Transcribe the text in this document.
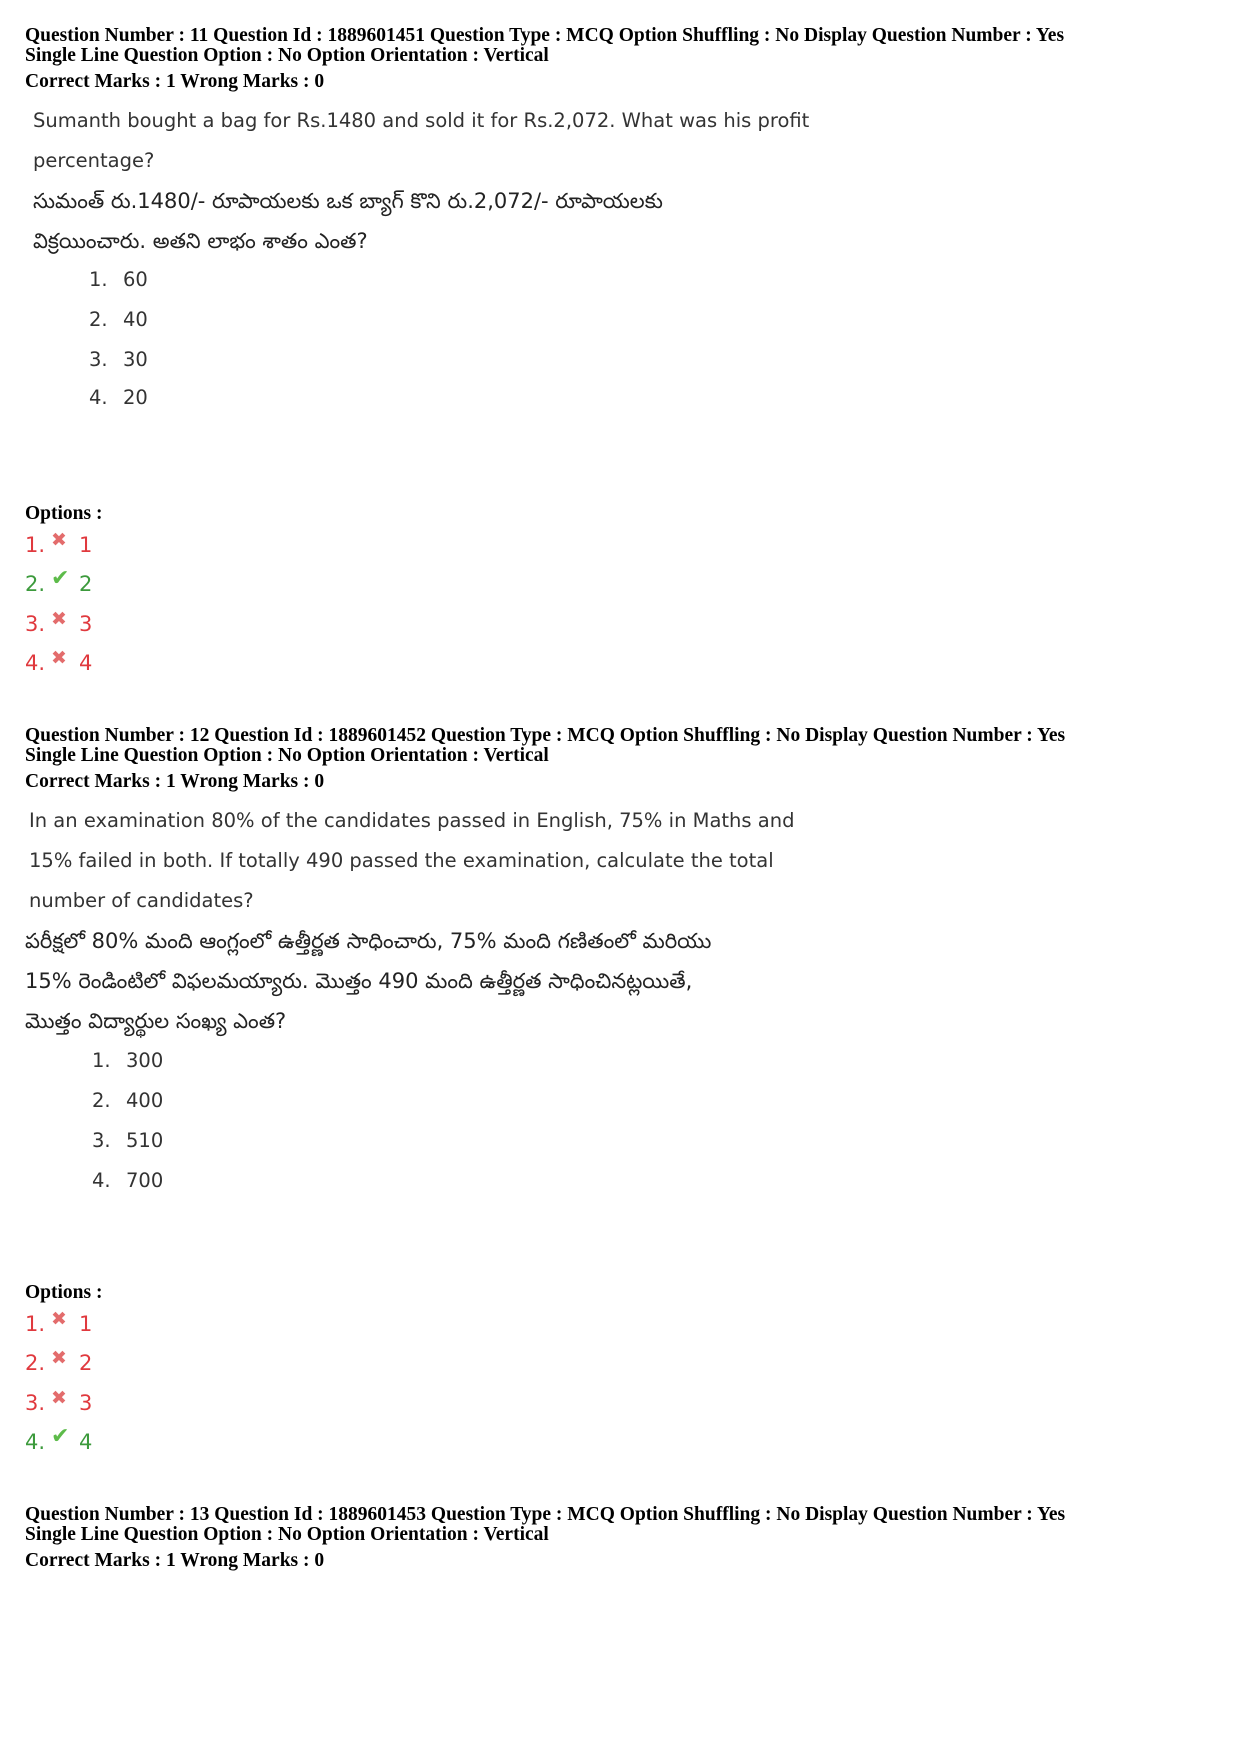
Question Number : 11 Question Id : 1889601451 Question Type : MCQ Option Shuffling : No Display Question Number : Yes
Single Line Question Option : No Option Orientation : Vertical
Correct Marks : 1 Wrong Marks : 0
Sumanth bought a bag for Rs.1480 and sold it for Rs.2,072. What was his profit
percentage?
సుమంత్ రు.1480/- రూపాయలకు ఒక బ్యాగ్ కొని రు.2,072/- రూపాయలకు
విక్రయించారు. అతని లాభం శాతం ఎంత?
1. 60
2. 40
3. 30
4. 20
Options :
1. ✖ 1
2. ✔ 2
3. ✖ 3
4. ✖ 4
Question Number : 12 Question Id : 1889601452 Question Type : MCQ Option Shuffling : No Display Question Number : Yes
Single Line Question Option : No Option Orientation : Vertical
Correct Marks : 1 Wrong Marks : 0
In an examination 80% of the candidates passed in English, 75% in Maths and
15% failed in both. If totally 490 passed the examination, calculate the total
number of candidates?
పరీక్షలో 80% మంది ఆంగ్లంలో ఉత్తీర్ణత సాధించారు, 75% మంది గణితంలో మరియు
15% రెండింటిలో విఫలమయ్యారు. మొత్తం 490 మంది ఉత్తీర్ణత సాధించినట్లయితే,
మొత్తం విద్యార్థుల సంఖ్య ఎంత?
1. 300
2. 400
3. 510
4. 700
Options :
1. ✖ 1
2. ✖ 2
3. ✖ 3
4. ✔ 4
Question Number : 13 Question Id : 1889601453 Question Type : MCQ Option Shuffling : No Display Question Number : Yes
Single Line Question Option : No Option Orientation : Vertical
Correct Marks : 1 Wrong Marks : 0
